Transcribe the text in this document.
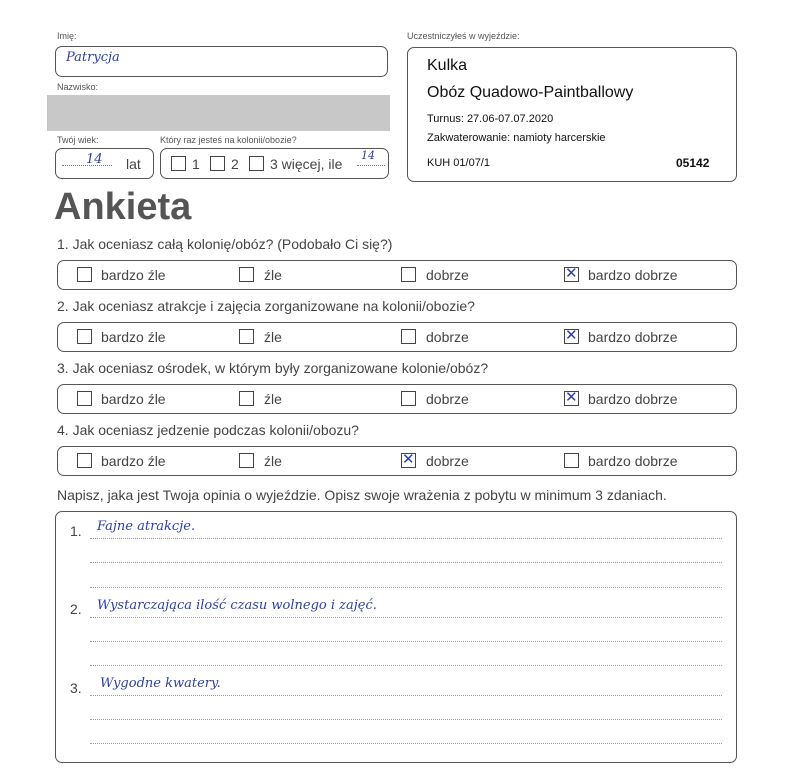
Imię:
Patrycja
Nazwisko:
Twój wiek:
14 lat
Który raz jesteś na kolonii/obozie?
1 2 3 więcej, ile
14
Uczestniczyłeś w wyjeździe:
Kulka
Obóz Quadowo-Paintballowy
Turnus: 27.06-07.07.2020
Zakwaterowanie: namioty harcerskie
KUH 01/07/1	05142
Ankieta
1. Jak oceniasz całą kolonię/obóz? (Podobało Ci się?)
bardzo źle	źle	dobrze ✕	bardzo dobrze
2. Jak oceniasz atrakcje i zajęcia zorganizowane na kolonii/obozie?
bardzo źle	źle	dobrze ✕	bardzo dobrze
3. Jak oceniasz ośrodek, w którym były zorganizowane kolonie/obóz?
bardzo źle	źle	dobrze ✕	bardzo dobrze
4. Jak oceniasz jedzenie podczas kolonii/obozu?
bardzo źle	źle ✕	dobrze	bardzo dobrze
Napisz, jaka jest Twoja opinia o wyjeździe. Opisz swoje wrażenia z pobytu w minimum 3 zdaniach.
1. Fajne atrakcje.
2. Wystarczająca ilość czasu wolnego i zajęć.
3. Wygodne kwatery.
